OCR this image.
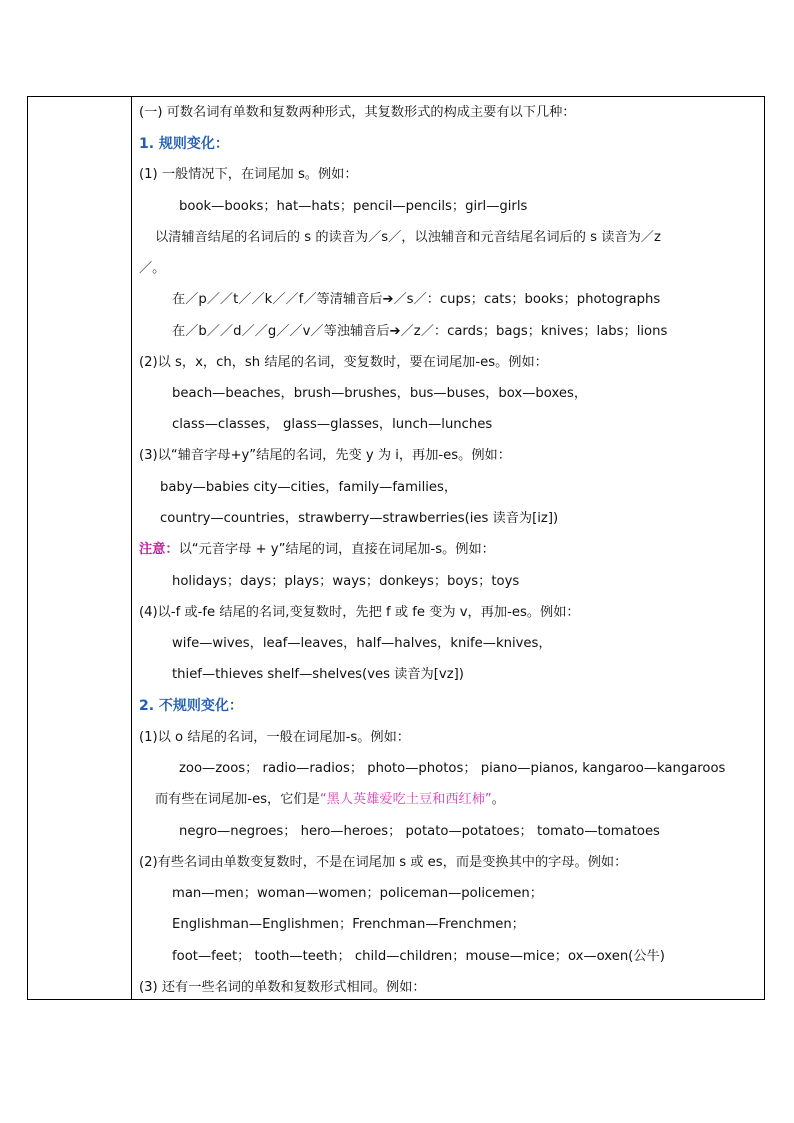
(一) 可数名词有单数和复数两种形式，其复数形式的构成主要有以下几种：
1. 规则变化：
(1) 一般情况下，在词尾加 s。例如：
book—books；hat—hats；pencil—pencils；girl—girls
以清辅音结尾的名词后的 s 的读音为／s／，以浊辅音和元音结尾名词后的 s 读音为／z
／。
在／p／／t／／k／／f／等清辅音后➔／s／：cups；cats；books；photographs
在／b／／d／／g／／v／等浊辅音后➔／z／：cards；bags；knives；labs；lions
(2)以 s，x，ch，sh 结尾的名词，变复数时，要在词尾加-es。例如：
beach—beaches，brush—brushes，bus—buses，box—boxes，
class—classes， glass—glasses，lunch—lunches
(3)以“辅音字母+y”结尾的名词，先变 y 为 i，再加-es。例如：
baby—babies city—cities，family—families，
country—countries，strawberry—strawberries(ies 读音为[iz])
注意：以“元音字母 + y”结尾的词，直接在词尾加-s。例如：
holidays；days；plays；ways；donkeys；boys；toys
(4)以-f 或-fe 结尾的名词,变复数时，先把 f 或 fe 变为 v，再加-es。例如：
wife—wives，leaf—leaves，half—halves，knife—knives，
thief—thieves shelf—shelves(ves 读音为[vz])
2. 不规则变化：
(1)以 o 结尾的名词，一般在词尾加-s。例如：
zoo—zoos； radio—radios； photo—photos； piano—pianos, kangaroo—kangaroos
而有些在词尾加-es，它们是“黑人英雄爱吃土豆和西红柿”。
negro—negroes； hero—heroes； potato—potatoes； tomato—tomatoes
(2)有些名词由单数变复数时，不是在词尾加 s 或 es，而是变换其中的字母。例如：
man—men；woman—women；policeman—policemen；
Englishman—Englishmen；Frenchman—Frenchmen；
foot—feet； tooth—teeth； child—children；mouse—mice；ox—oxen(公牛)
(3) 还有一些名词的单数和复数形式相同。例如：
